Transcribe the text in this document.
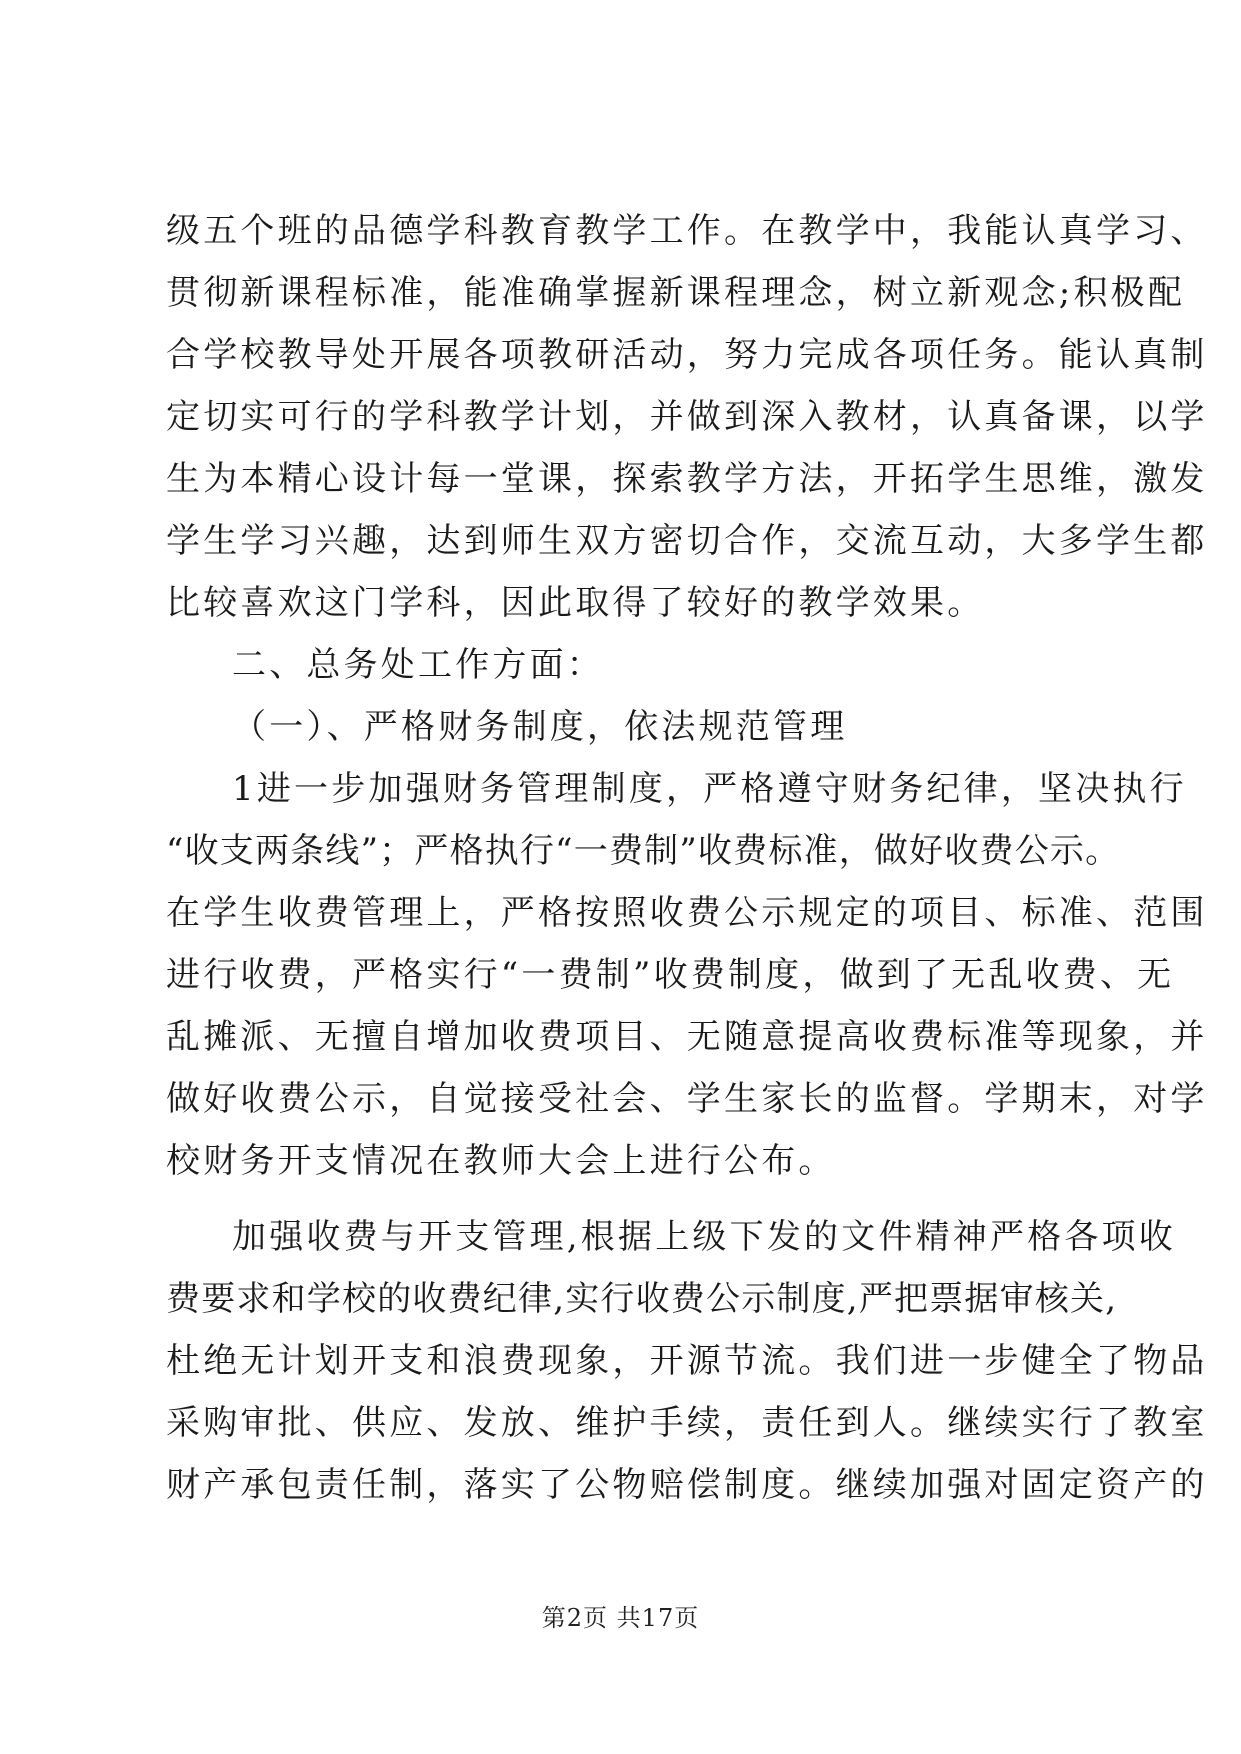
级五个班的品德学科教育教学工作。在教学中，我能认真学习、
贯彻新课程标准，能准确掌握新课程理念，树立新观念;积极配
合学校教导处开展各项教研活动，努力完成各项任务。能认真制
定切实可行的学科教学计划，并做到深入教材，认真备课，以学
生为本精心设计每一堂课，探索教学方法，开拓学生思维，激发
学生学习兴趣，达到师生双方密切合作，交流互动，大多学生都
比较喜欢这门学科，因此取得了较好的教学效果。
二、总务处工作方面：
（一）、严格财务制度，依法规范管理
1进一步加强财务管理制度，严格遵守财务纪律，坚决执行
“收支两条线”；严格执行“一费制”收费标准，做好收费公示。
在学生收费管理上，严格按照收费公示规定的项目、标准、范围
进行收费，严格实行“一费制”收费制度，做到了无乱收费、无
乱摊派、无擅自增加收费项目、无随意提高收费标准等现象，并
做好收费公示，自觉接受社会、学生家长的监督。学期末，对学
校财务开支情况在教师大会上进行公布。
加强收费与开支管理,根据上级下发的文件精神严格各项收
费要求和学校的收费纪律,实行收费公示制度,严把票据审核关,
杜绝无计划开支和浪费现象，开源节流。我们进一步健全了物品
采购审批、供应、发放、维护手续，责任到人。继续实行了教室
财产承包责任制，落实了公物赔偿制度。继续加强对固定资产的
第2页 共17页
